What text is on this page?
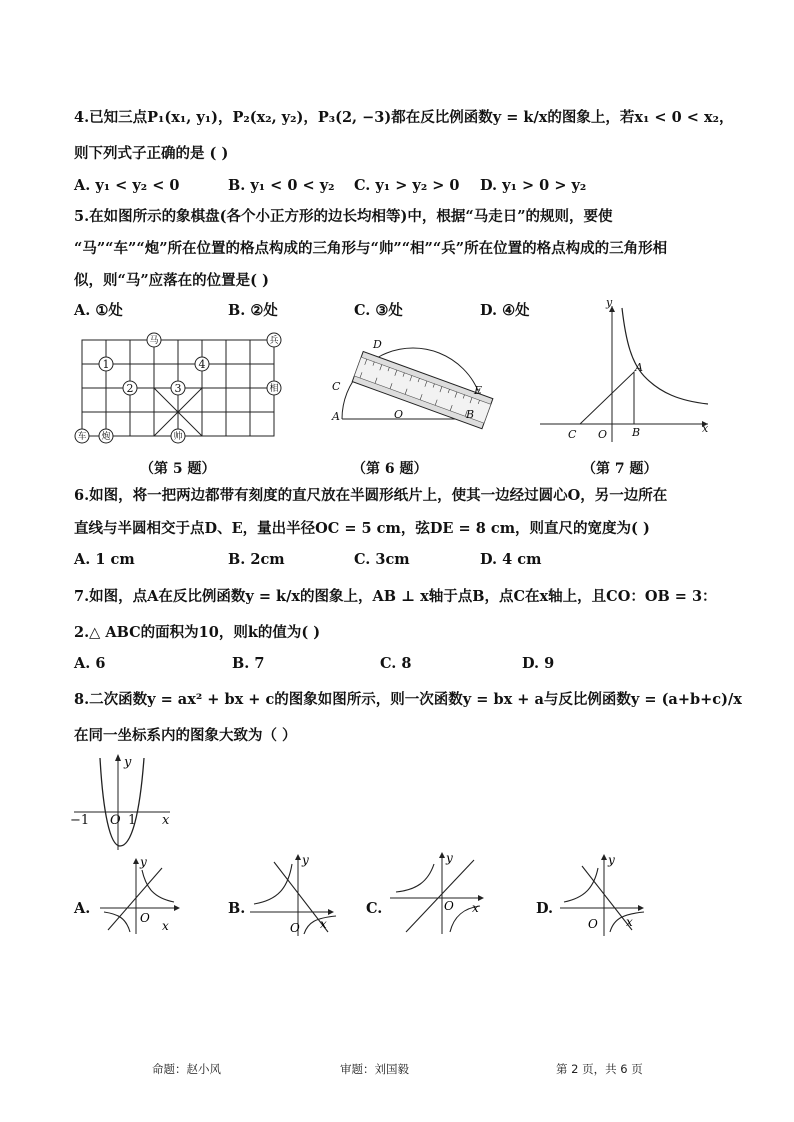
4.已知三点P₁(x₁, y₁)，P₂(x₂, y₂)，P₃(2, −3)都在反比例函数y = k/x的图象上，若x₁ < 0 < x₂，
则下列式子正确的是 ( )
A. y₁ < y₂ < 0	B. y₁ < 0 < y₂ C. y₁ > y₂ > 0 D. y₁ > 0 > y₂
5.在如图所示的象棋盘(各个小正方形的边长均相等)中，根据“马走日”的规则，要使
“马”“车”“炮”所在位置的格点构成的三角形与“帅”“相”“兵”所在位置的格点构成的三角形相
似，则“马”应落在的位置是( )
A. ①处	B. ②处	C. ③处	D. ④处
马	兵
相
车 炮	帅
1
2	3
4
（第 5 题）
D
C
A	O
E
B
（第 6 题）
y
A
C O B	x
（第 7 题）
6.如图，将一把两边都带有刻度的直尺放在半圆形纸片上，使其一边经过圆心O，另一边所在
直线与半圆相交于点D、E，量出半径OC = 5 cm，弦DE = 8 cm，则直尺的宽度为( )
A. 1 cm	B. 2cm	C. 3cm	D. 4 cm
7.如图，点A在反比例函数y = k/x的图象上，AB ⊥ x轴于点B，点C在x轴上，且CO：OB = 3：
2.△ ABC的面积为10，则k的值为( )
A. 6	B. 7	C. 8	D. 9
8.二次函数y = ax² + bx + c的图象如图所示，则一次函数y = bx + a与反比例函数y = (a+b+c)/x
在同一坐标系内的图象大致为（ ）
y
−1	1
O	x
A.
y
O
x
B.
y
O x
C.
y
O x	D.
y
O x
命题：赵小风	审题：刘国毅	第 2 页，共 6 页
